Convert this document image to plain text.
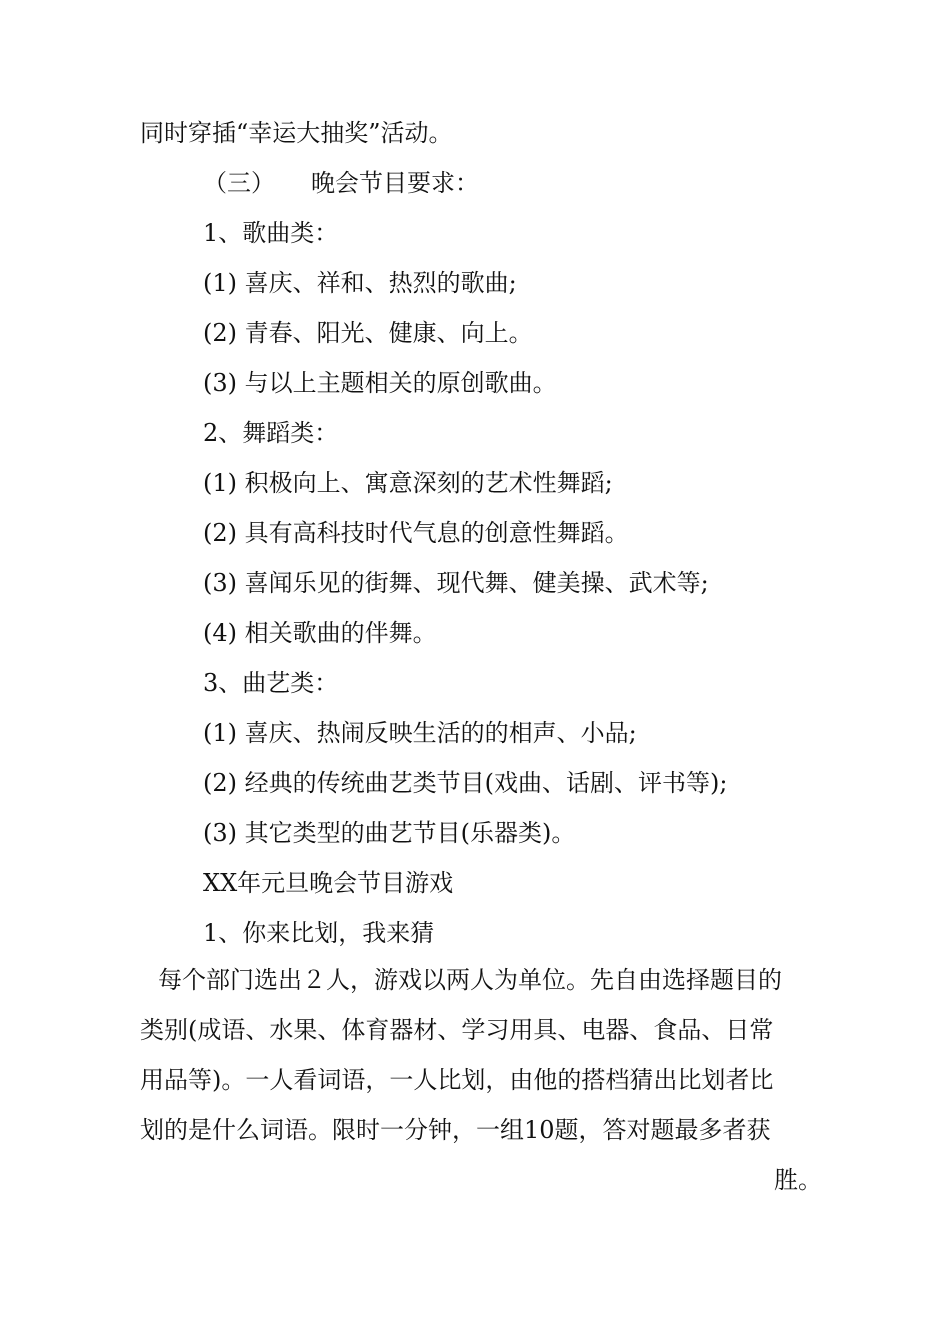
同时穿插“幸运大抽奖”活动。
（三）　　晚会节目要求：
1、歌曲类：
(1) 喜庆、祥和、热烈的歌曲;
(2) 青春、阳光、健康、向上。
(3) 与以上主题相关的原创歌曲。
2、舞蹈类：
(1) 积极向上、寓意深刻的艺术性舞蹈;
(2) 具有高科技时代气息的创意性舞蹈。
(3) 喜闻乐见的街舞、现代舞、健美操、武术等;
(4) 相关歌曲的伴舞。
3、曲艺类：
(1) 喜庆、热闹反映生活的的相声、小品;
(2) 经典的传统曲艺类节目(戏曲、话剧、评书等);
(3) 其它类型的曲艺节目(乐器类)。
XX年元旦晚会节目游戏
1、你来比划，我来猜
每个部门选出２人，游戏以两人为单位。先自由选择题目的
类别(成语、水果、体育器材、学习用具、电器、食品、日常
用品等)。一人看词语，一人比划，由他的搭档猜出比划者比
划的是什么词语。限时一分钟，一组10题，答对题最多者获
胜。
